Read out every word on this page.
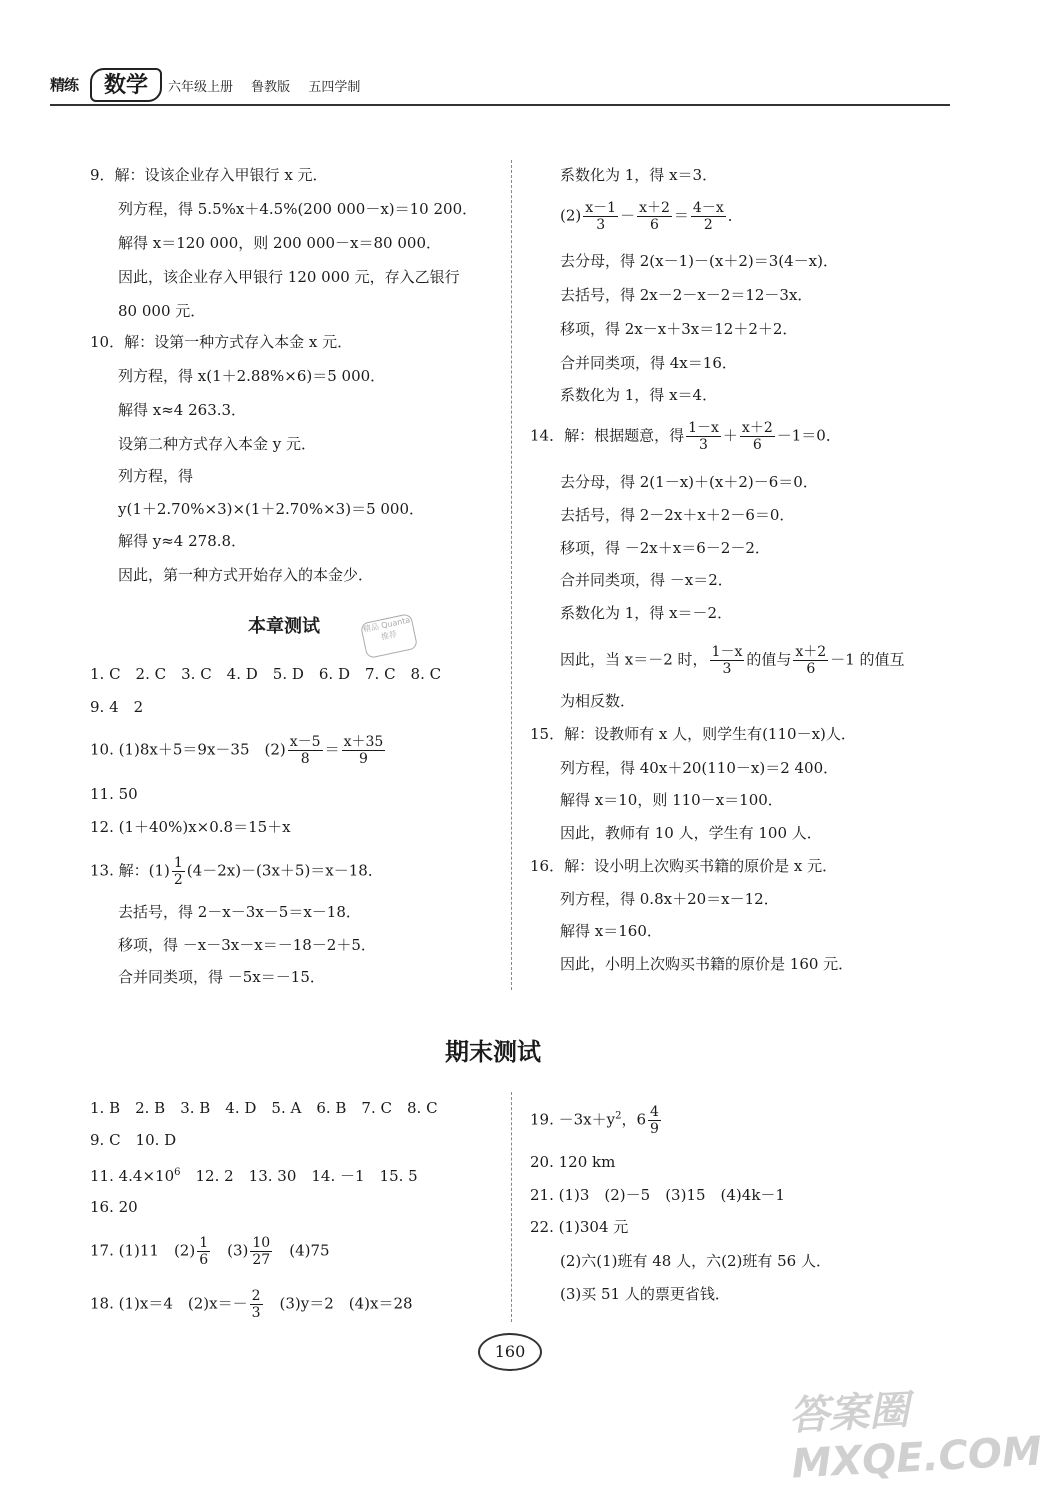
精练	数学	六年级上册 鲁教版 五四学制
9．解：设该企业存入甲银行 x 元．
列方程，得 5.5%x＋4.5%(200 000－x)＝10 200．
解得 x＝120 000，则 200 000－x＝80 000．
因此，该企业存入甲银行 120 000 元，存入乙银行
80 000 元．
10．解：设第一种方式存入本金 x 元．
列方程，得 x(1＋2.88%×6)＝5 000．
解得 x≈4 263.3．
设第二种方式存入本金 y 元．
列方程，得
y(1＋2.70%×3)×(1＋2.70%×3)＝5 000．
解得 y≈4 278.8．
因此，第一种方式开始存入的本金少．
本章测试	精品 Quanta 推荐
1. C　2. C　3. C　4. D　5. D　6. D　7. C　8. C
9. 4　2
10. (1)8x＋5＝9x－35　$(2) \frac{x-5}{8} = \frac{x+35}{9}$
11. 50
12. (1＋40%)x×0.8＝15＋x
13. 解：$(1) \frac{1}{2} (4-2x)-(3x+5)=x-18$．
去括号，得 2－x－3x－5＝x－18．
移项，得 －x－3x－x＝－18－2＋5．
合并同类项，得 －5x＝－15．
系数化为 1，得 x＝3．
$(2) \frac{x-1}{3} - \frac{x+2}{6} = \frac{4-x}{2}$ ．
去分母，得 2(x－1)－(x＋2)＝3(4－x)．
去括号，得 2x－2－x－2＝12－3x．
移项，得 2x－x＋3x＝12＋2＋2．
合并同类项，得 4x＝16．
系数化为 1，得 x＝4．
14．解：根据题意，得 $\frac{1-x}{3} + \frac{x+2}{6} -1=0$．
去分母，得 2(1－x)＋(x＋2)－6＝0．
去括号，得 2－2x＋x＋2－6＝0．
移项，得 －2x＋x＝6－2－2．
合并同类项，得 －x＝2．
系数化为 1，得 x＝－2．
因此，当 x＝－2 时， $\frac{1-x}{3}$ 的值与 $\frac{x+2}{6} -1$ 的值互
为相反数．
15．解：设教师有 x 人，则学生有(110－x)人．
列方程，得 40x＋20(110－x)＝2 400．
解得 x＝10，则 110－x＝100．
因此，教师有 10 人，学生有 100 人．
16．解：设小明上次购买书籍的原价是 x 元．
列方程，得 0.8x＋20＝x－12．
解得 x＝160．
因此，小明上次购买书籍的原价是 160 元．
期末测试
1. B　2. B　3. B　4. D　5. A　6. B　7. C　8. C
9. C　10. D
11. $4.4\times 10^6$　12. 2　13. 30　14. －1　15. 5
16. 20
17. (1)11　$(2) \frac{1}{6}$ 　$(3) \frac{10}{27}$ 　(4)75
18. (1)x＝4　$(2)x=- \frac{2}{3}$ 　(3)y＝2　(4)x＝28
19. $-3x+y^2$，$6 \frac{4}{9}$
20. 120 km
21. (1)3　(2)－5　(3)15　(4)4k－1
22. (1)304 元
(2)六(1)班有 48 人，六(2)班有 56 人．
(3)买 51 人的票更省钱．
160
答案圈 MXQE.COM
